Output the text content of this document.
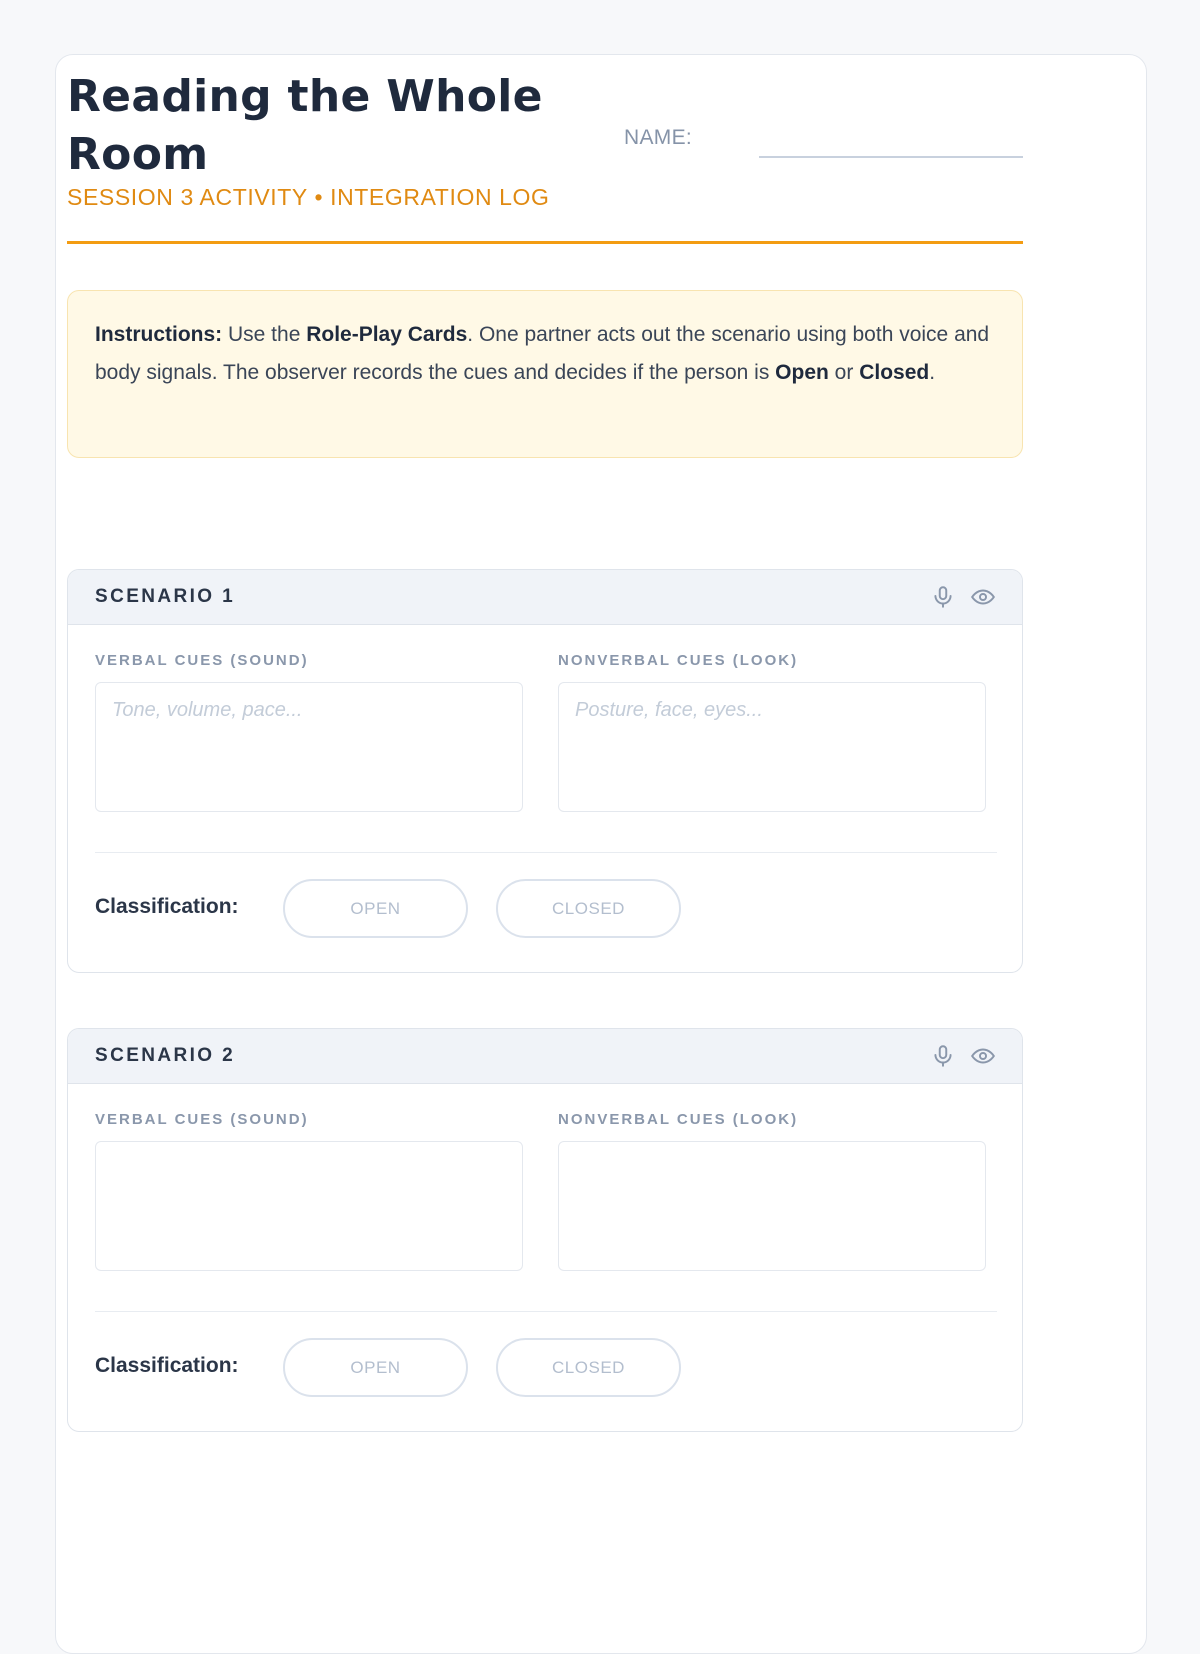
Reading the Whole Room
SESSION 3 ACTIVITY • INTEGRATION LOG
NAME:
Instructions: Use the Role-Play Cards. One partner acts out the scenario using both voice and body signals. The observer records the cues and decides if the person is Open or Closed.
SCENARIO 1
VERBAL CUES (SOUND)
Tone, volume, pace...
NONVERBAL CUES (LOOK)
Posture, face, eyes...
Classification:	OPEN	CLOSED
SCENARIO 2
VERBAL CUES (SOUND)	NONVERBAL CUES (LOOK)
Classification:	OPEN	CLOSED
